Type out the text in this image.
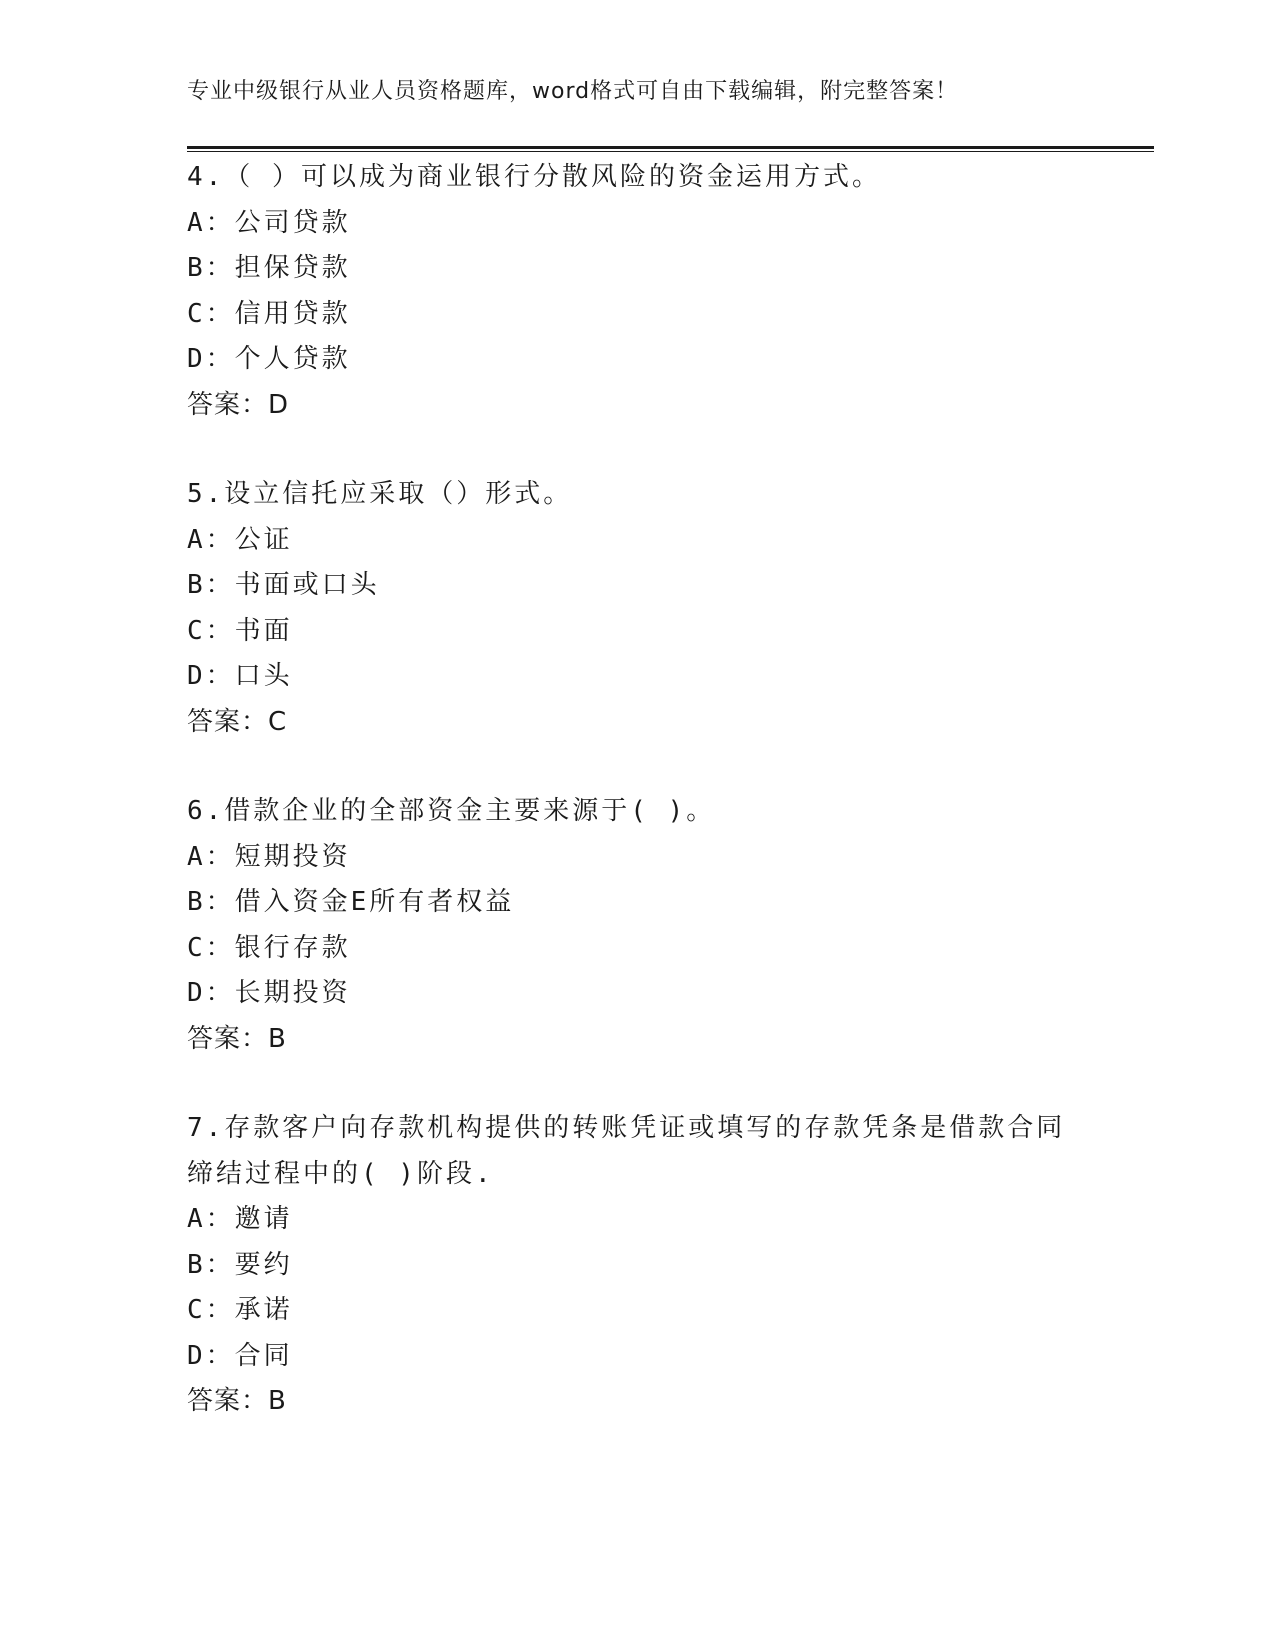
专业中级银行从业人员资格题库，word格式可自由下载编辑，附完整答案！
4.（ ）可以成为商业银行分散风险的资金运用方式。
A：公司贷款
B：担保贷款
C：信用贷款
D：个人贷款
答案：D
5.设立信托应采取（）形式。
A：公证
B：书面或口头
C：书面
D：口头
答案：C
6.借款企业的全部资金主要来源于( )。
A：短期投资
B：借入资金E所有者权益
C：银行存款
D：长期投资
答案：B
7.存款客户向存款机构提供的转账凭证或填写的存款凭条是借款合同缔结过程中的( )阶段.
A：邀请
B：要约
C：承诺
D：合同
答案：B
